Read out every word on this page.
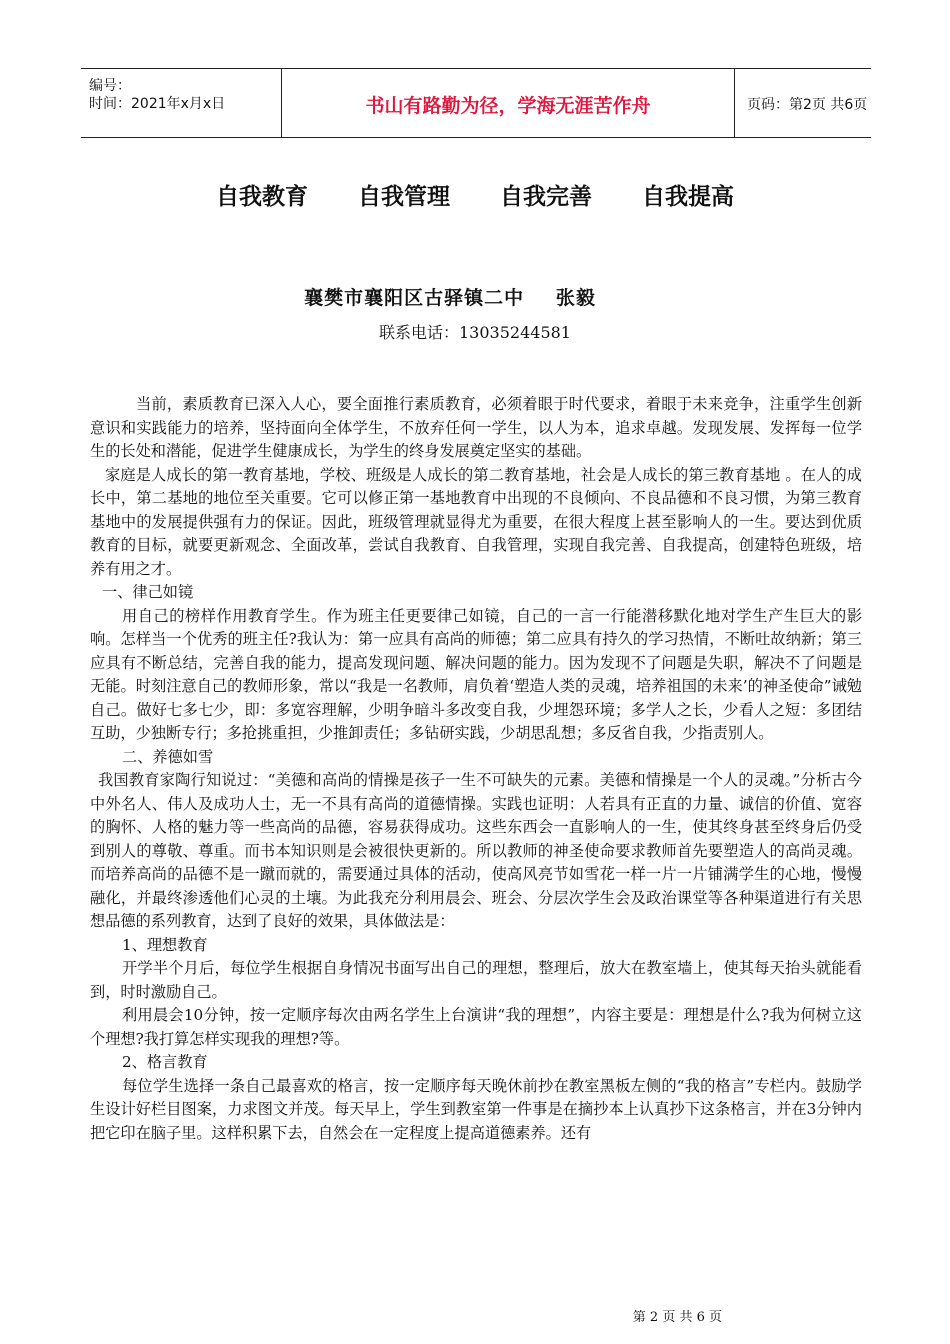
编号：
时间：2021年x月x日	书山有路勤为径，学海无涯苦作舟	页码：第2页 共6页
自我教育 自我管理 自我完善 自我提高
襄樊市襄阳区古驿镇二中 张毅
联系电话：13035244581

当前，素质教育已深入人心，要全面推行素质教育，必须着眼于时代要求，着眼于未来竞争，注重学生创新意识和实践能力的培养，坚持面向全体学生，不放弃任何一学生，以人为本，追求卓越。发现发展、发挥每一位学生的长处和潜能，促进学生健康成长，为学生的终身发展奠定坚实的基础。

家庭是人成长的第一教育基地，学校、班级是人成长的第二教育基地，社会是人成长的第三教育基地 。在人的成长中，第二基地的地位至关重要。它可以修正第一基地教育中出现的不良倾向、不良品德和不良习惯，为第三教育基地中的发展提供强有力的保证。因此，班级管理就显得尤为重要，在很大程度上甚至影响人的一生。要达到优质教育的目标，就要更新观念、全面改革，尝试自我教育、自我管理，实现自我完善、自我提高，创建特色班级，培养有用之才。

一、律己如镜

用自己的榜样作用教育学生。作为班主任更要律己如镜，自己的一言一行能潜移默化地对学生产生巨大的影响。怎样当一个优秀的班主任?我认为：第一应具有高尚的师德；第二应具有持久的学习热情，不断吐故纳新；第三应具有不断总结，完善自我的能力，提高发现问题、解决问题的能力。因为发现不了问题是失职，解决不了问题是无能。时刻注意自己的教师形象，常以“我是一名教师，肩负着‘塑造人类的灵魂，培养祖国的未来’的神圣使命”诫勉自己。做好七多七少，即：多宽容理解，少明争暗斗多改变自我，少埋怨环境；多学人之长，少看人之短：多团结互助，少独断专行；多抢挑重担，少推卸责任；多钻研实践，少胡思乱想；多反省自我，少指责别人。

二、养德如雪

我国教育家陶行知说过：“美德和高尚的情操是孩子一生不可缺失的元素。美德和情操是一个人的灵魂。”分析古今中外名人、伟人及成功人士，无一不具有高尚的道德情操。实践也证明：人若具有正直的力量、诚信的价值、宽容的胸怀、人格的魅力等一些高尚的品德，容易获得成功。这些东西会一直影响人的一生，使其终身甚至终身后仍受到别人的尊敬、尊重。而书本知识则是会被很快更新的。所以教师的神圣使命要求教师首先要塑造人的高尚灵魂。而培养高尚的品德不是一蹴而就的，需要通过具体的活动，使高风亮节如雪花一样一片一片铺满学生的心地，慢慢融化，并最终渗透他们心灵的土壤。为此我充分利用晨会、班会、分层次学生会及政治课堂等各种渠道进行有关思想品德的系列教育，达到了良好的效果，具体做法是：

1、理想教育

开学半个月后，每位学生根据自身情况书面写出自己的理想，整理后，放大在教室墙上，使其每天抬头就能看到，时时激励自己。

利用晨会10分钟，按一定顺序每次由两名学生上台演讲“我的理想”，内容主要是：理想是什么?我为何树立这个理想?我打算怎样实现我的理想?等。

2、格言教育

每位学生选择一条自己最喜欢的格言，按一定顺序每天晚休前抄在教室黑板左侧的“我的格言”专栏内。鼓励学生设计好栏目图案，力求图文并茂。每天早上，学生到教室第一件事是在摘抄本上认真抄下这条格言，并在3分钟内把它印在脑子里。这样积累下去，自然会在一定程度上提高道德素养。还有

第 2 页 共 6 页
